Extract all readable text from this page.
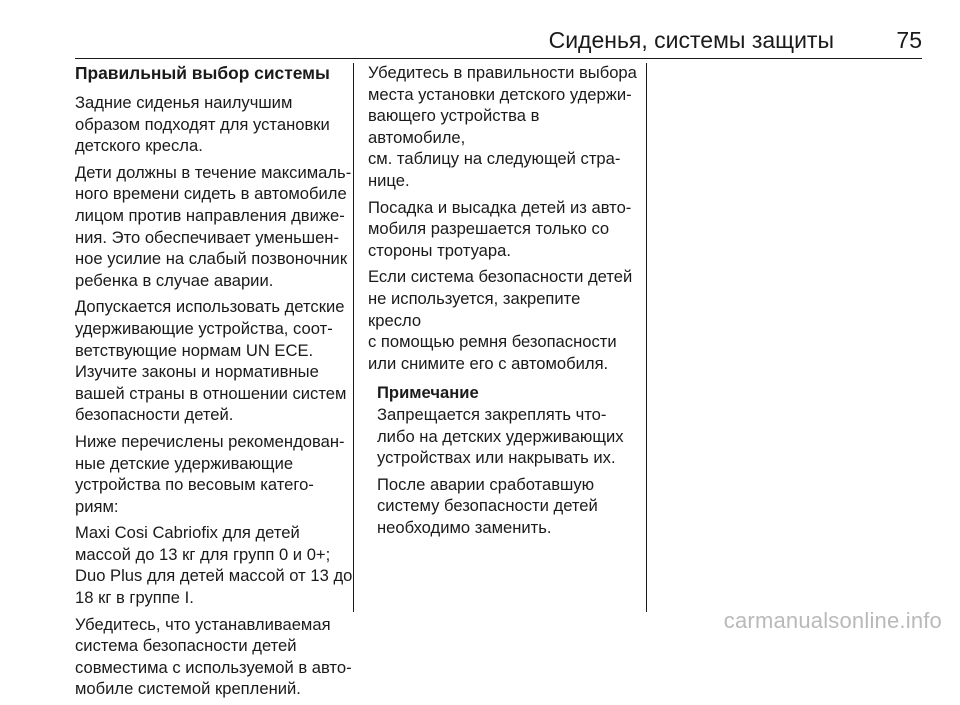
Сиденья, системы защиты	75
Правильный выбор системы
Задние сиденья наилучшим
образом подходят для установки
детского кресла.
Дети должны в течение максималь-
ного времени сидеть в автомобиле
лицом против направления движе-
ния. Это обеспечивает уменьшен-
ное усилие на слабый позвоночник
ребенка в случае аварии.
Допускается использовать детские
удерживающие устройства, соот-
ветствующие нормам UN ECE.
Изучите законы и нормативные
вашей страны в отношении систем
безопасности детей.
Ниже перечислены рекомендован-
ные детские удерживающие
устройства по весовым катего-
риям:
Maxi Cosi Cabriofix для детей
массой до 13 кг для групп 0 и 0+;
Duo Plus для детей массой от 13 до
18 кг в группе I.
Убедитесь, что устанавливаемая
система безопасности детей
совместима с используемой в авто-
мобиле системой креплений.
Убедитесь в правильности выбора
места установки детского удержи-
вающего устройства в автомобиле,
см. таблицу на следующей стра-
нице.
Посадка и высадка детей из авто-
мобиля разрешается только со
стороны тротуара.
Если система безопасности детей
не используется, закрепите кресло
с помощью ремня безопасности
или снимите его с автомобиля.
Примечание
Запрещается закреплять что-
либо на детских удерживающих
устройствах или накрывать их.
После аварии сработавшую
систему безопасности детей
необходимо заменить.
carmanualsonline.info
